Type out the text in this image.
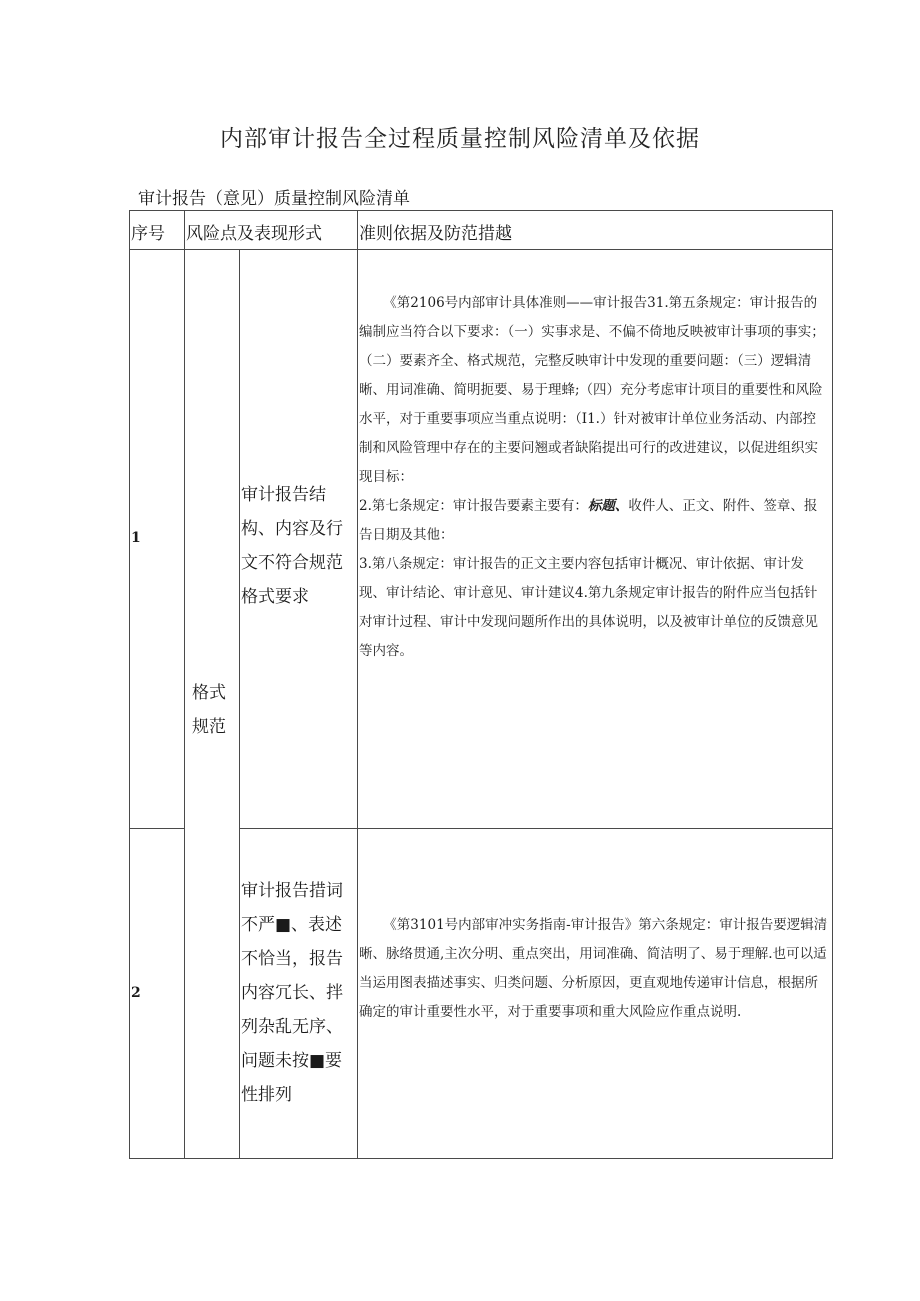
内部审计报告全过程质量控制风险清单及依据
审计报告（意见）质量控制风险清单
序号 风险点及表现形式 准则依据及防范措越
1
2
格式
规范
审计报告结构、内容及行文不符合规范格式要求
审计报告措词不严■、表述不恰当，报告内容冗长、拌列杂乱无序、问题未按■要性排列

《第2106号内部审计具体准则——审计报告31.第五条规定：审计报告的编制应当符合以下要求：（一）实事求是、不偏不倚地反映被审计事项的事实；（二）要素齐全、格式规范，完整反映审计中发现的重要问题：（三）逻辑清晰、用词准确、简明扼要、易于理蜂;（四）充分考虑审计项目的重要性和风险水平，对于重要事项应当重点说明：（I1.）针对被审计单位业务活动、内部控制和风险管理中存在的主要问翘或者缺陷提出可行的改进建议，以促进组织实现目标：

2.第七条规定：审计报告要素主要有：标题、收件人、正文、附件、签章、报告日期及其他：

3.第八条规定：审计报告的正文主要内容包括审计概况、审计依据、审计发现、审计结论、审计意见、审计建议4.第九条规定审计报告的附件应当包括针对审计过程、审计中发现问题所作出的具体说明，以及被审计单位的反馈意见等内容。

《第3101号内部审冲实务指南-审计报告》第六条规定：审计报告要逻辑清晰、脉络贯通,主次分明、重点突出，用词准确、简洁明了、易于理解.也可以适当运用图表描述事实、归类问题、分析原因，更直观地传递审计信息，根据所确定的审计重要性水平，对于重要事项和重大风险应作重点说明.
